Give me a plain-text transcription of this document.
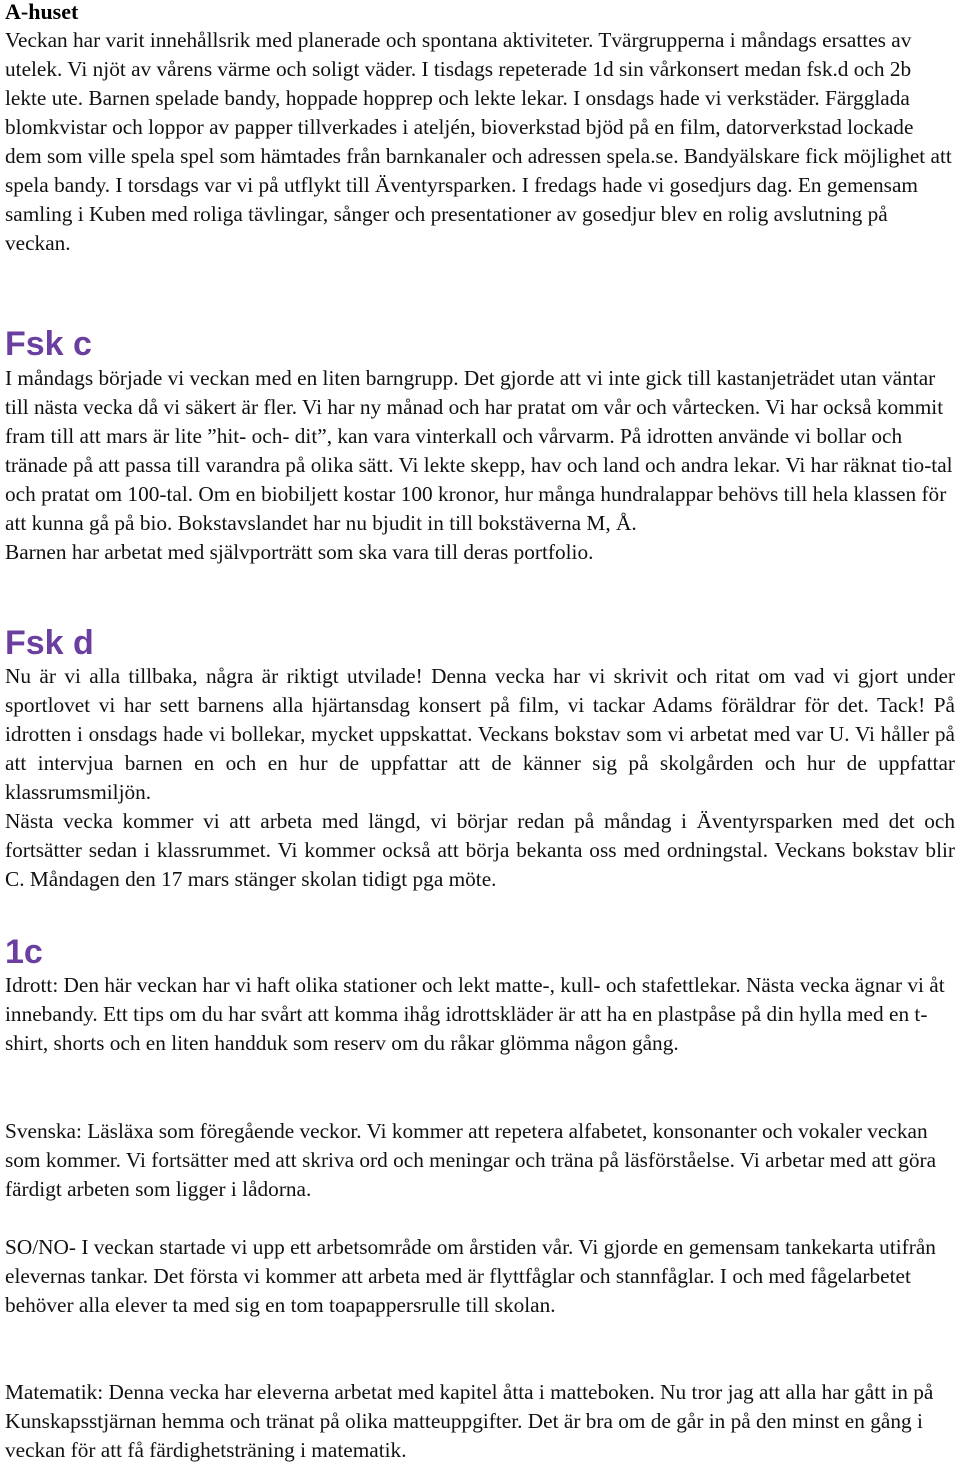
A-huset

Veckan har varit innehållsrik med planerade och spontana aktiviteter. Tvärgrupperna i måndags ersattes av utelek. Vi njöt av vårens värme och soligt väder. I tisdags repeterade 1d sin vårkonsert medan fsk.d och 2b lekte ute. Barnen spelade bandy, hoppade hopprep och lekte lekar. I onsdags hade vi verkstäder. Färgglada blomkvistar och loppor av papper tillverkades i ateljén, bioverkstad bjöd på en film, datorverkstad lockade dem som ville spela spel som hämtades från barnkanaler och adressen spela.se. Bandyälskare fick möjlighet att spela bandy. I torsdags var vi på utflykt till Äventyrsparken. I fredags hade vi gosedjurs dag. En gemensam samling i Kuben med roliga tävlingar, sånger och presentationer av gosedjur blev en rolig avslutning på veckan.

Fsk c

I måndags började vi veckan med en liten barngrupp. Det gjorde att vi inte gick till kastanjeträdet utan väntar till nästa vecka då vi säkert är fler. Vi har ny månad och har pratat om vår och vårtecken. Vi har också kommit fram till att mars är lite ”hit- och- dit”, kan vara vinterkall och vårvarm. På idrotten använde vi bollar och tränade på att passa till varandra på olika sätt. Vi lekte skepp, hav och land och andra lekar. Vi har räknat tio-tal och pratat om 100-tal. Om en biobiljett kostar 100 kronor, hur många hundralappar behövs till hela klassen för att kunna gå på bio. Bokstavslandet har nu bjudit in till bokstäverna M, Å.

Barnen har arbetat med självporträtt som ska vara till deras portfolio.

Fsk d

Nu är vi alla tillbaka, några är riktigt utvilade! Denna vecka har vi skrivit och ritat om vad vi gjort under sportlovet vi har sett barnens alla hjärtansdag konsert på film, vi tackar Adams föräldrar för det. Tack! På idrotten i onsdags hade vi bollekar, mycket uppskattat. Veckans bokstav som vi arbetat med var U. Vi håller på att intervjua barnen en och en hur de uppfattar att de känner sig på skolgården och hur de uppfattar klassrumsmiljön.

Nästa vecka kommer vi att arbeta med längd, vi börjar redan på måndag i Äventyrsparken med det och fortsätter sedan i klassrummet. Vi kommer också att börja bekanta oss med ordningstal. Veckans bokstav blir C. Måndagen den 17 mars stänger skolan tidigt pga möte.

1c

Idrott: Den här veckan har vi haft olika stationer och lekt matte-, kull- och stafettlekar. Nästa vecka ägnar vi åt innebandy. Ett tips om du har svårt att komma ihåg idrottskläder är att ha en plastpåse på din hylla med en t-shirt, shorts och en liten handduk som reserv om du råkar glömma någon gång.

Svenska: Läsläxa som föregående veckor. Vi kommer att repetera alfabetet, konsonanter och vokaler veckan som kommer. Vi fortsätter med att skriva ord och meningar och träna på läsförståelse. Vi arbetar med att göra färdigt arbeten som ligger i lådorna.

SO/NO- I veckan startade vi upp ett arbetsområde om årstiden vår. Vi gjorde en gemensam tankekarta utifrån elevernas tankar. Det första vi kommer att arbeta med är flyttfåglar och stannfåglar. I och med fågelarbetet behöver alla elever ta med sig en tom toapappersrulle till skolan.

Matematik: Denna vecka har eleverna arbetat med kapitel åtta i matteboken. Nu tror jag att alla har gått in på Kunskapsstjärnan hemma och tränat på olika matteuppgifter. Det är bra om de går in på den minst en gång i veckan för att få färdighetsträning i matematik.
